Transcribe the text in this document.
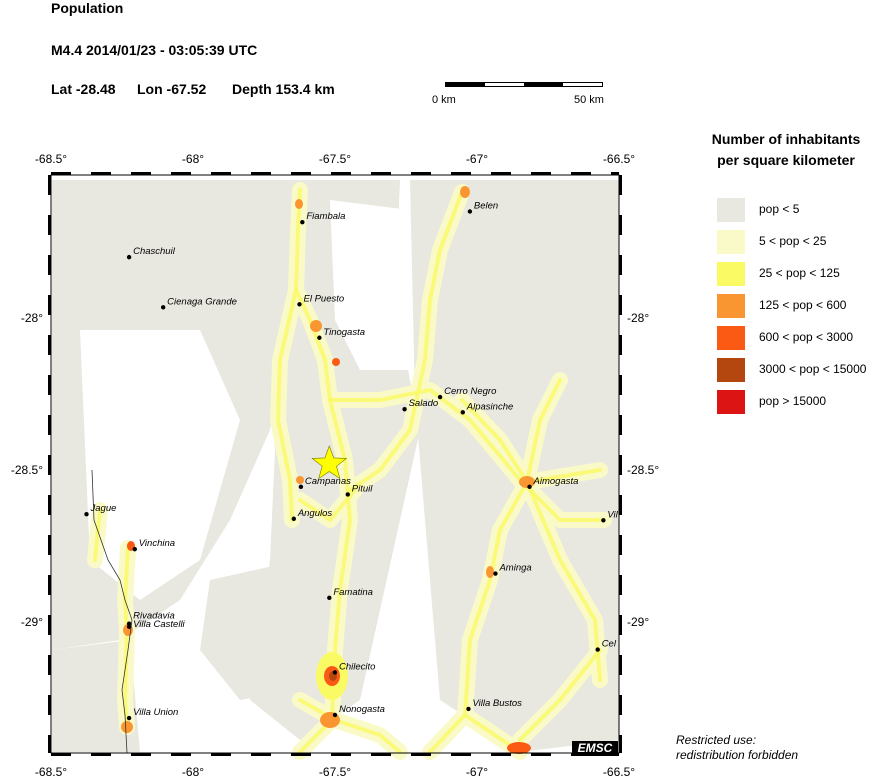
Population
M4.4 2014/01/23 - 03:05:39 UTC
Lat -28.48 Lon -67.52 Depth 153.4 km
0 km	50 km
-68.5°
-68.5°
-68°
-68°
-67.5°
-67.5°
-67°
-67°
-66.5°
-66.5°
-28°	-28°
-28.5°	-28.5°
-29°	-29°
Fiambala
Belen
Chaschuil
El Puesto
Cienaga Grande
Tinogasta
Cerro Negro
Salado	Alpasinche
Campanas
Pituil
Aimogasta
Jague	Angulos	Vil
Vinchina
Aminga
Famatina
Rivadavia
Villa Castelli
Cel
Chilecito
Villa Bustos
Nonogasta
Villa Union
EMSC
Number of inhabitants
per square kilometer
pop < 5
5 < pop < 25
25 < pop < 125
125 < pop < 600
600 < pop < 3000
3000 < pop < 15000
pop > 15000
Restricted use:
redistribution forbidden
